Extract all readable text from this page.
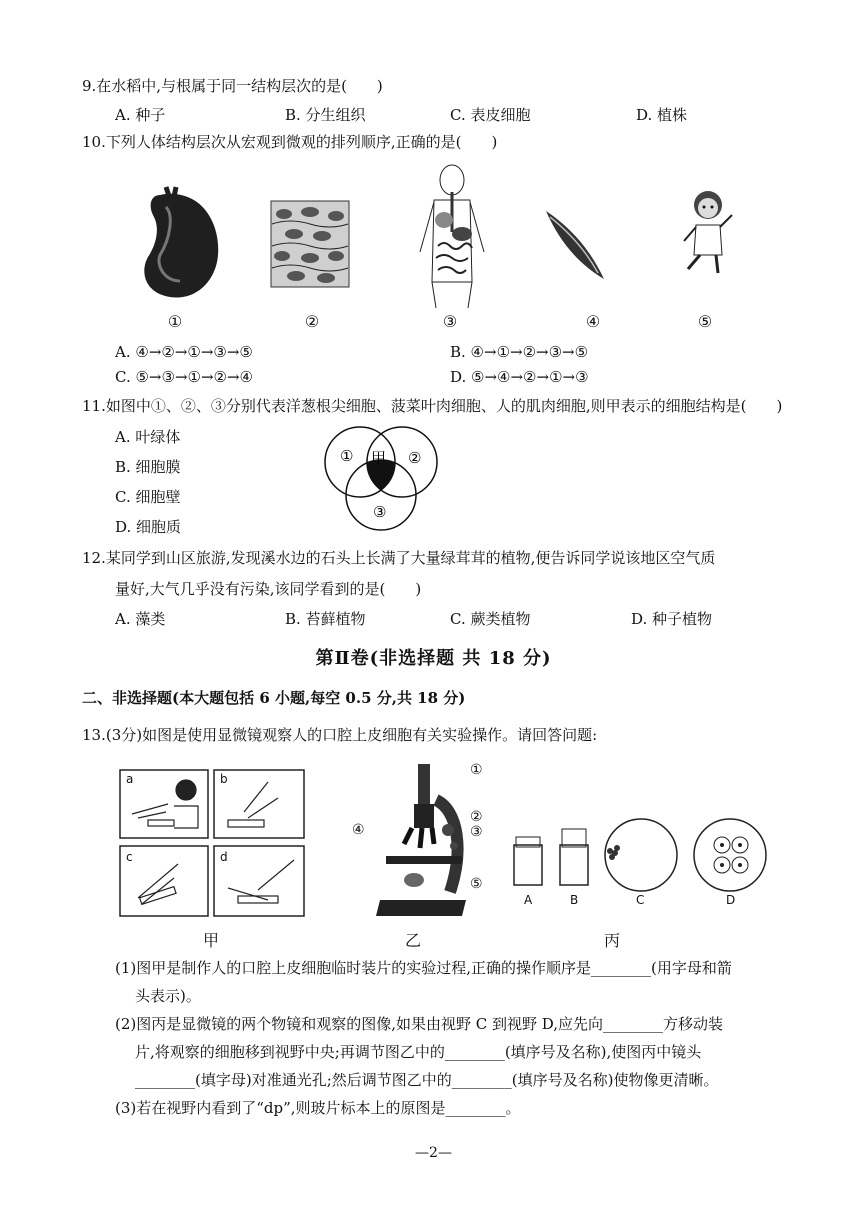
9.在水稻中,与根属于同一结构层次的是(　　)
A. 种子	B. 分生组织	C. 表皮细胞	D. 植株
10.下列人体结构层次从宏观到微观的排列顺序,正确的是(　　)
①	②	③	④	⑤
A. ④→②→①→③→⑤	B. ④→①→②→③→⑤
C. ⑤→③→①→②→④	D. ⑤→④→②→①→③
11.如图中①、②、③分别代表洋葱根尖细胞、菠菜叶肉细胞、人的肌肉细胞,则甲表示的细胞结构是(　　)
A. 叶绿体
B. 细胞膜
C. 细胞壁
D. 细胞质
① 甲 ②
③
12.某同学到山区旅游,发现溪水边的石头上长满了大量绿茸茸的植物,便告诉同学说该地区空气质
量好,大气几乎没有污染,该同学看到的是(　　)
A. 藻类	B. 苔藓植物	C. 蕨类植物	D. 种子植物
第Ⅱ卷(非选择题 共 18 分)
二、非选择题(本大题包括 6 小题,每空 0.5 分,共 18 分)
13.(3分)如图是使用显微镜观察人的口腔上皮细胞有关实验操作。请回答问题:
a	b
c	d
①
②
③
④
⑤
A	B	C	D
甲	乙	丙
(1)图甲是制作人的口腔上皮细胞临时装片的实验过程,正确的操作顺序是________(用字母和箭
头表示)。
(2)图丙是显微镜的两个物镜和观察的图像,如果由视野 C 到视野 D,应先向________方移动装
片,将观察的细胞移到视野中央;再调节图乙中的________(填序号及名称),使图丙中镜头
________(填字母)对准通光孔;然后调节图乙中的________(填序号及名称)使物像更清晰。
(3)若在视野内看到了“dp”,则玻片标本上的原图是________。
—2—
